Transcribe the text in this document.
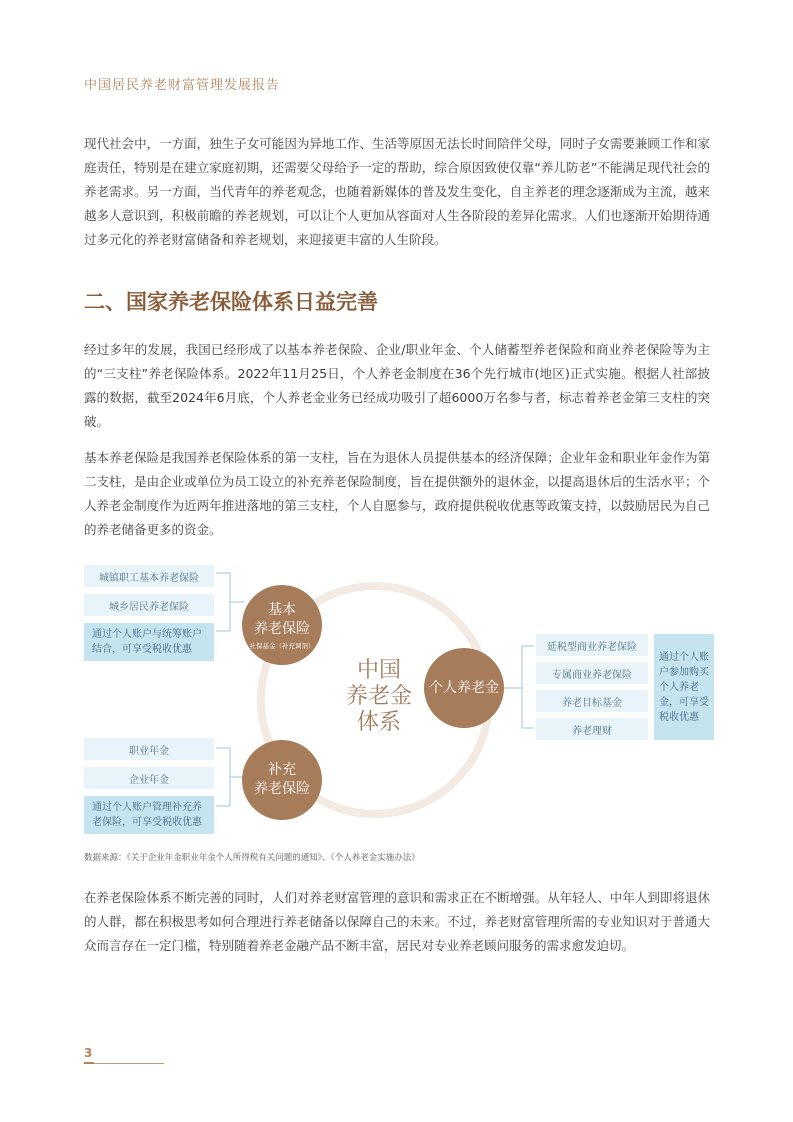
中国居民养老财富管理发展报告

现代社会中，一方面，独生子女可能因为异地工作、生活等原因无法长时间陪伴父母，同时子女需要兼顾工作和家庭责任，特别是在建立家庭初期，还需要父母给予一定的帮助，综合原因致使仅靠“养儿防老”不能满足现代社会的养老需求。另一方面，当代青年的养老观念，也随着新媒体的普及发生变化，自主养老的理念逐渐成为主流，越来越多人意识到，积极前瞻的养老规划，可以让个人更加从容面对人生各阶段的差异化需求。人们也逐渐开始期待通过多元化的养老财富储备和养老规划，来迎接更丰富的人生阶段。

二、国家养老保险体系日益完善

经过多年的发展，我国已经形成了以基本养老保险、企业/职业年金、个人储蓄型养老保险和商业养老保险等为主的“三支柱”养老保险体系。2022年11月25日，个人养老金制度在36个先行城市(地区)正式实施。根据人社部披露的数据，截至2024年6月底，个人养老金业务已经成功吸引了超6000万名参与者，标志着养老金第三支柱的突破。

基本养老保险是我国养老保险体系的第一支柱，旨在为退休人员提供基本的经济保障；企业年金和职业年金作为第二支柱，是由企业或单位为员工设立的补充养老保险制度，旨在提供额外的退休金，以提高退休后的生活水平；个人养老金制度作为近两年推进落地的第三支柱，个人自愿参与，政府提供税收优惠等政策支持，以鼓励居民为自己的养老储备更多的资金。

城镇职工基本养老保险
城乡居民养老保险
通过个人账户与统筹账户结合，可享受税收优惠
基本
养老保险
社保基金（补充调剂）
中国
养老金
体系
职业年金
企业年金
通过个人账户管理补充养老保险，可享受税收优惠
补充
养老保险
个人养老金
延税型商业养老保险
专属商业养老保险
养老目标基金
养老理财
通过个人账户参加购买个人养老金，可享受税收优惠
数据来源：《关于企业年金职业年金个人所得税有关问题的通知》、《个人养老金实施办法》

在养老保险体系不断完善的同时，人们对养老财富管理的意识和需求正在不断增强。从年轻人、中年人到即将退休的人群，都在积极思考如何合理进行养老储备以保障自己的未来。不过，养老财富管理所需的专业知识对于普通大众而言存在一定门槛，特别随着养老金融产品不断丰富，居民对专业养老顾问服务的需求愈发迫切。

3
